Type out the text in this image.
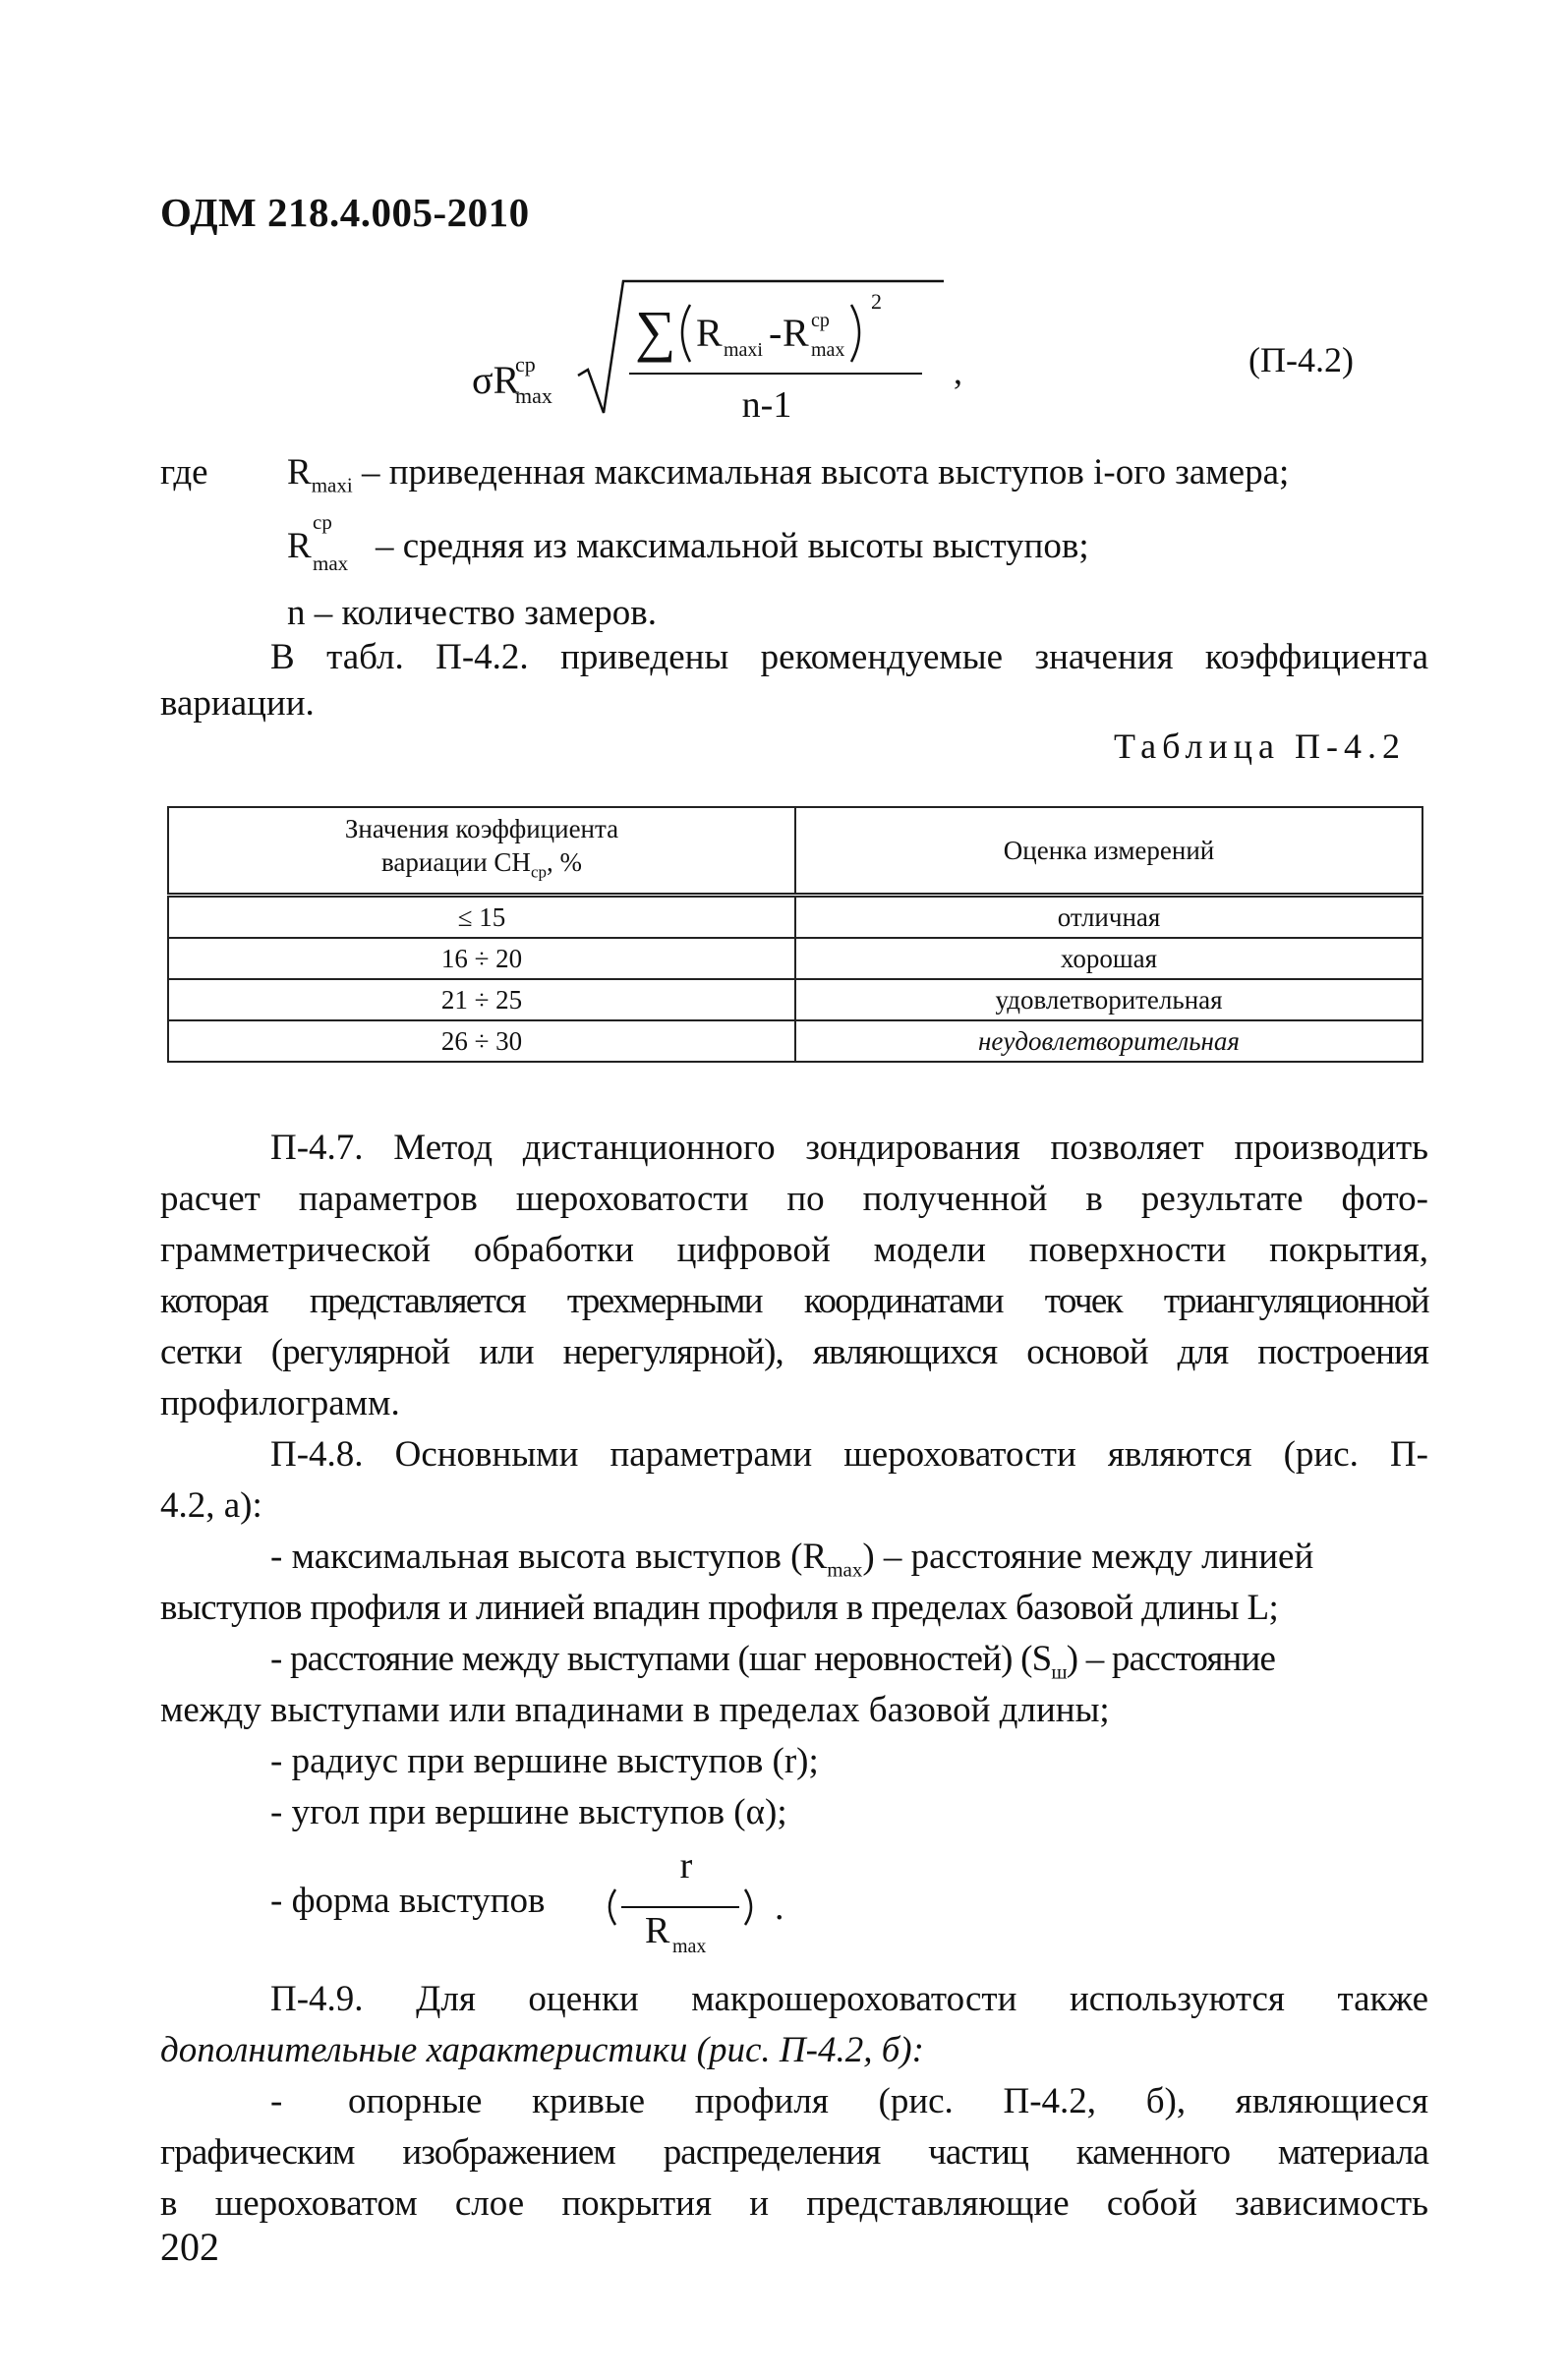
ОДМ 218.4.005-2010
σR
ср
max
∑ R maxi - R ср
max
2
n-1
,	(П-4.2)
где $R_{maxi}$ – приведенная максимальная высота выступов i-ого замера;
R
ср
max – средняя из максимальной высоты выступов;
n – количество замеров.
В табл. П-4.2. приведены рекомендуемые значения коэффициента
вариации.
Таблица П-4.2
Значения коэффициента
вариации $CH_{ср}$, %	Оценка измерений
≤ 15	отличная
16 ÷ 20	хорошая
21 ÷ 25	удовлетворительная
26 ÷ 30	неудовлетворительная
П-4.7. Метод дистанционного зондирования позволяет производить
расчет параметров шероховатости по полученной в результате фото-
грамметрической обработки цифровой модели поверхности покрытия,
которая представляется трехмерными координатами точек триангуляционной
сетки (регулярной или нерегулярной), являющихся основой для построения
профилограмм.
П-4.8. Основными параметрами шероховатости являются (рис. П-
4.2, а):
- максимальная высота выступов $(R_{max})$ – расстояние между линией
выступов профиля и линией впадин профиля в пределах базовой длины L;
- расстояние между выступами (шаг неровностей) $(S_ш)$ – расстояние
между выступами или впадинами в пределах базовой длины;
- радиус при вершине выступов (r);
- угол при вершине выступов (α);
- форма выступов
r
R max
.
П-4.9. Для оценки макрошероховатости используются также
дополнительные характеристики (рис. П-4.2, б):
- опорные кривые профиля (рис. П-4.2, б), являющиеся
графическим изображением распределения частиц каменного материала
в шероховатом слое покрытия и представляющие собой зависимость
202
